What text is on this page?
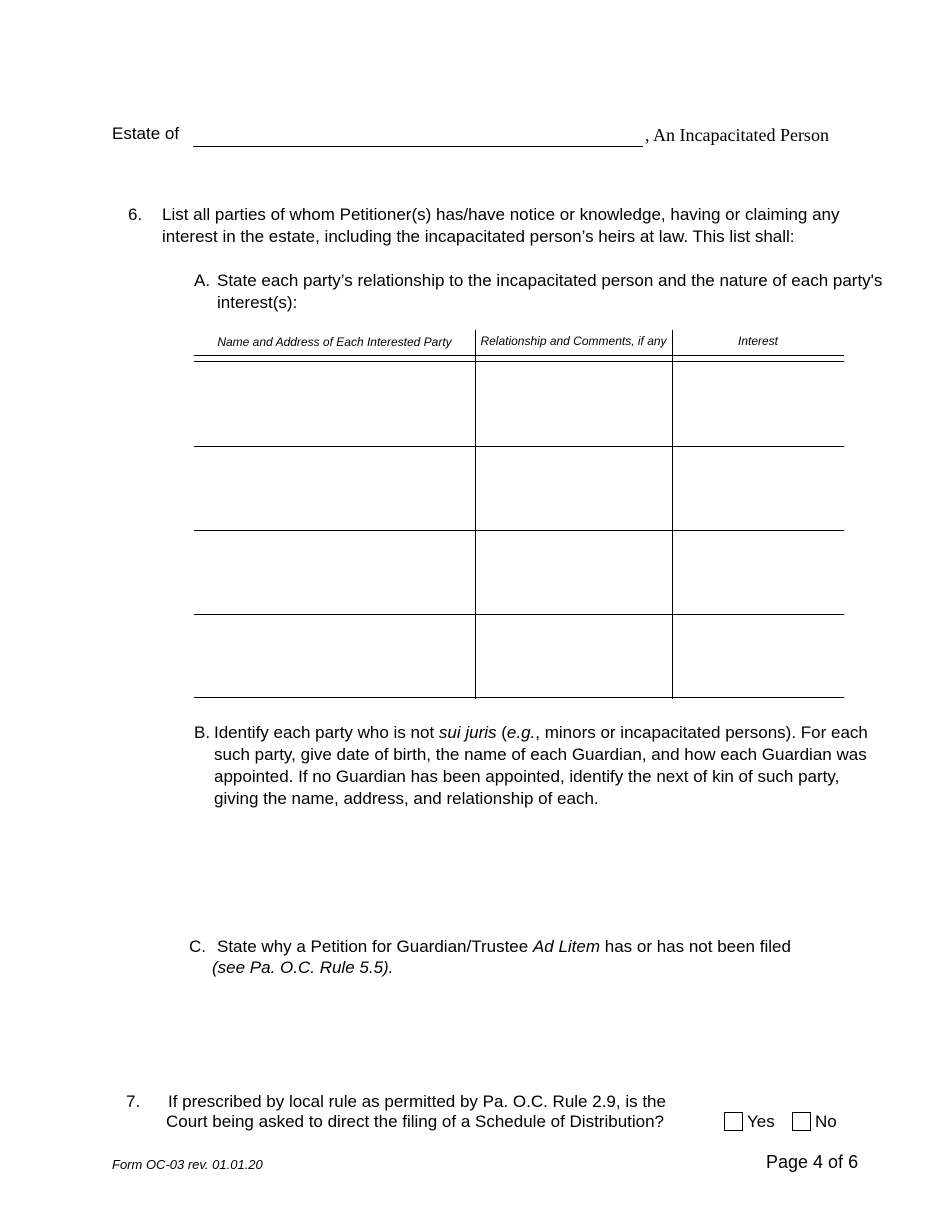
Estate of	, An Incapacitated Person
6. List all parties of whom Petitioner(s) has/have notice or knowledge, having or claiming any interest in the estate, including the incapacitated person’s heirs at law. This list shall:
A. State each party’s relationship to the incapacitated person and the nature of each party's interest(s):
Name and Address of Each Interested Party	Relationship and Comments, if any	Interest
B. Identify each party who is not sui juris (e.g., minors or incapacitated persons). For each such party, give date of birth, the name of each Guardian, and how each Guardian was appointed. If no Guardian has been appointed, identify the next of kin of such party, giving the name, address, and relationship of each.
C. State why a Petition for Guardian/Trustee Ad Litem has or has not been filed
(see Pa. O.C. Rule 5.5).
7. If prescribed by local rule as permitted by Pa. O.C. Rule 2.9, is the
Court being asked to direct the filing of a Schedule of Distribution?	Yes No
Form OC-03 rev. 01.01.20	Page 4 of 6
